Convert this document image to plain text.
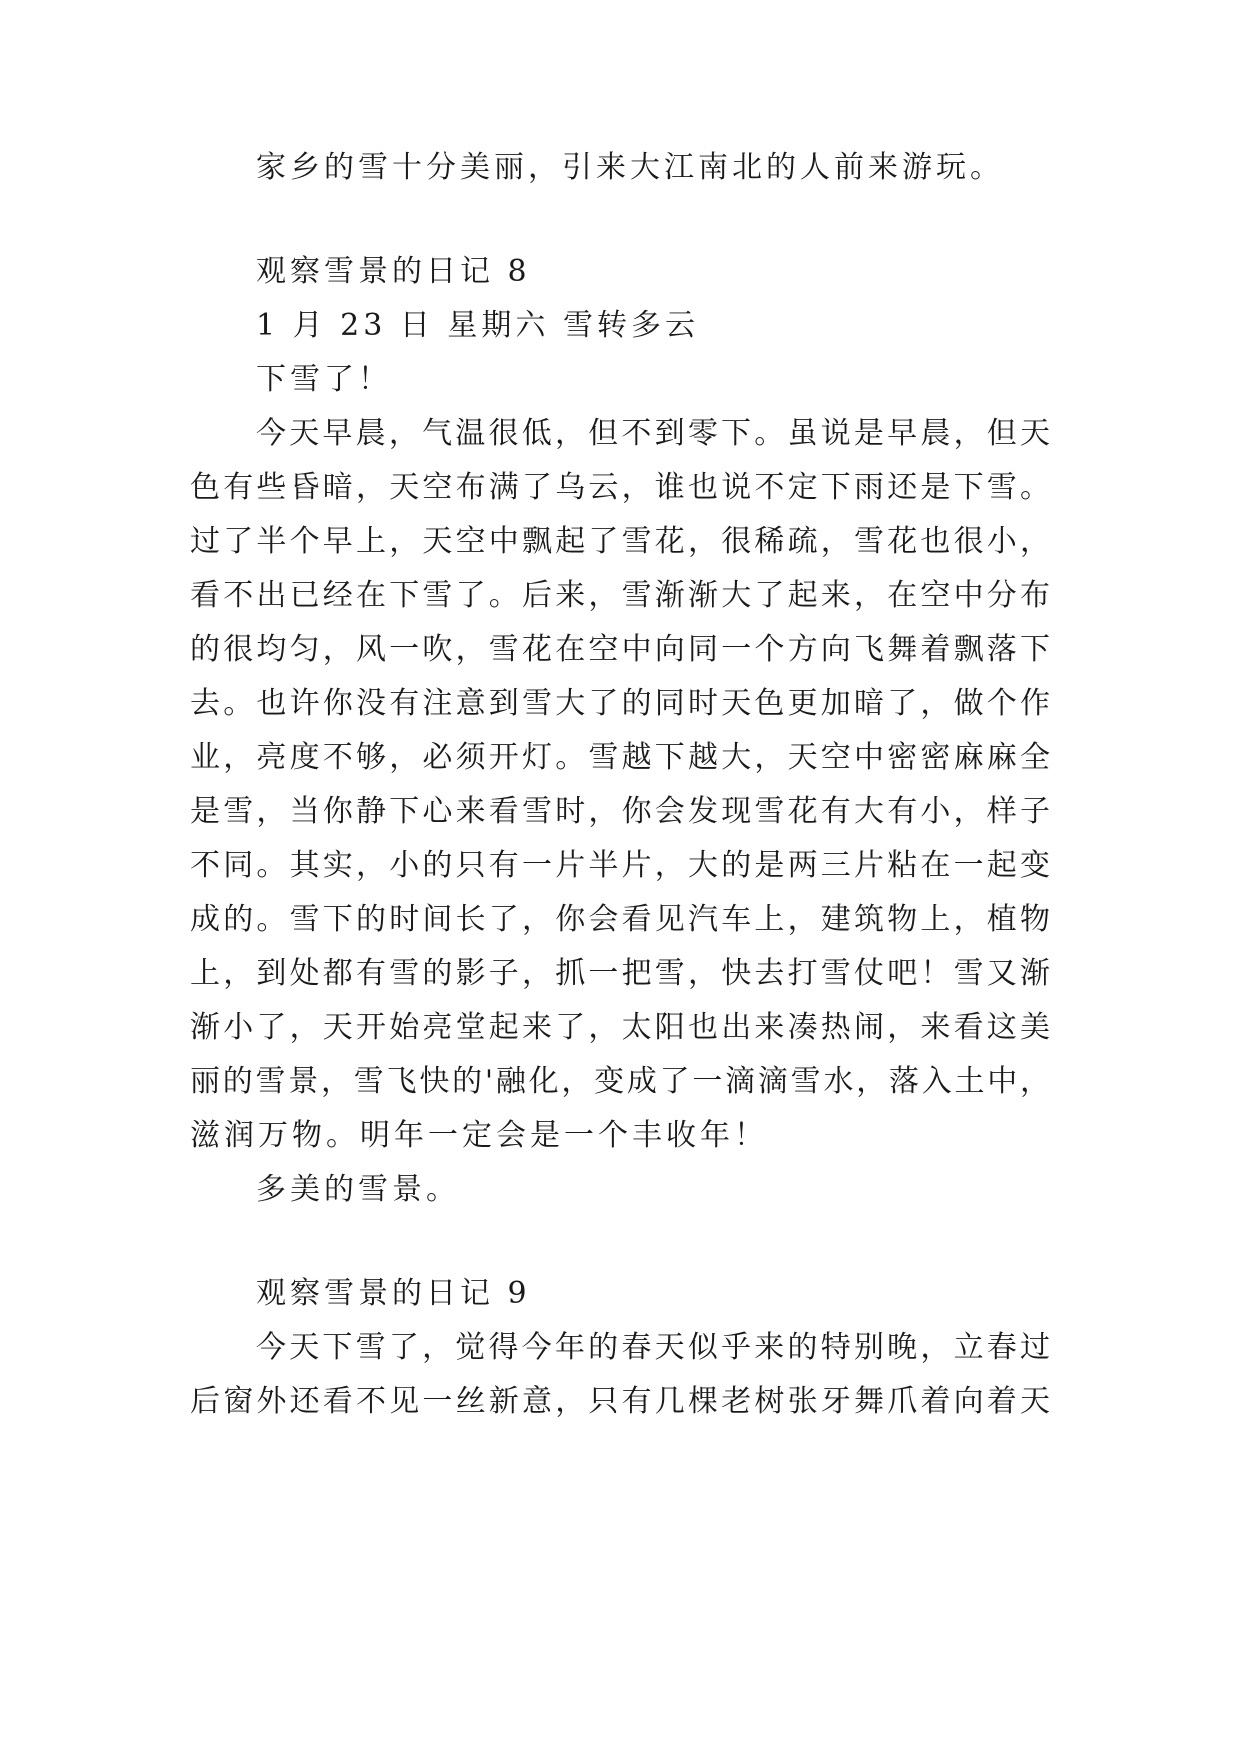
家乡的雪十分美丽，引来大江南北的人前来游玩。
观察雪景的日记 8
1 月 23 日 星期六 雪转多云
下雪了！
今天早晨，气温很低，但不到零下。虽说是早晨，但天
色有些昏暗，天空布满了乌云，谁也说不定下雨还是下雪。
过了半个早上，天空中飘起了雪花，很稀疏，雪花也很小，
看不出已经在下雪了。后来，雪渐渐大了起来，在空中分布
的很均匀，风一吹，雪花在空中向同一个方向飞舞着飘落下
去。也许你没有注意到雪大了的同时天色更加暗了，做个作
业，亮度不够，必须开灯。雪越下越大，天空中密密麻麻全
是雪，当你静下心来看雪时，你会发现雪花有大有小，样子
不同。其实，小的只有一片半片，大的是两三片粘在一起变
成的。雪下的时间长了，你会看见汽车上，建筑物上，植物
上，到处都有雪的影子，抓一把雪，快去打雪仗吧！雪又渐
渐小了，天开始亮堂起来了，太阳也出来凑热闹，来看这美
丽的雪景，雪飞快的'融化，变成了一滴滴雪水，落入土中，
滋润万物。明年一定会是一个丰收年！
多美的雪景。
观察雪景的日记 9
今天下雪了，觉得今年的春天似乎来的特别晚，立春过
后窗外还看不见一丝新意，只有几棵老树张牙舞爪着向着天
